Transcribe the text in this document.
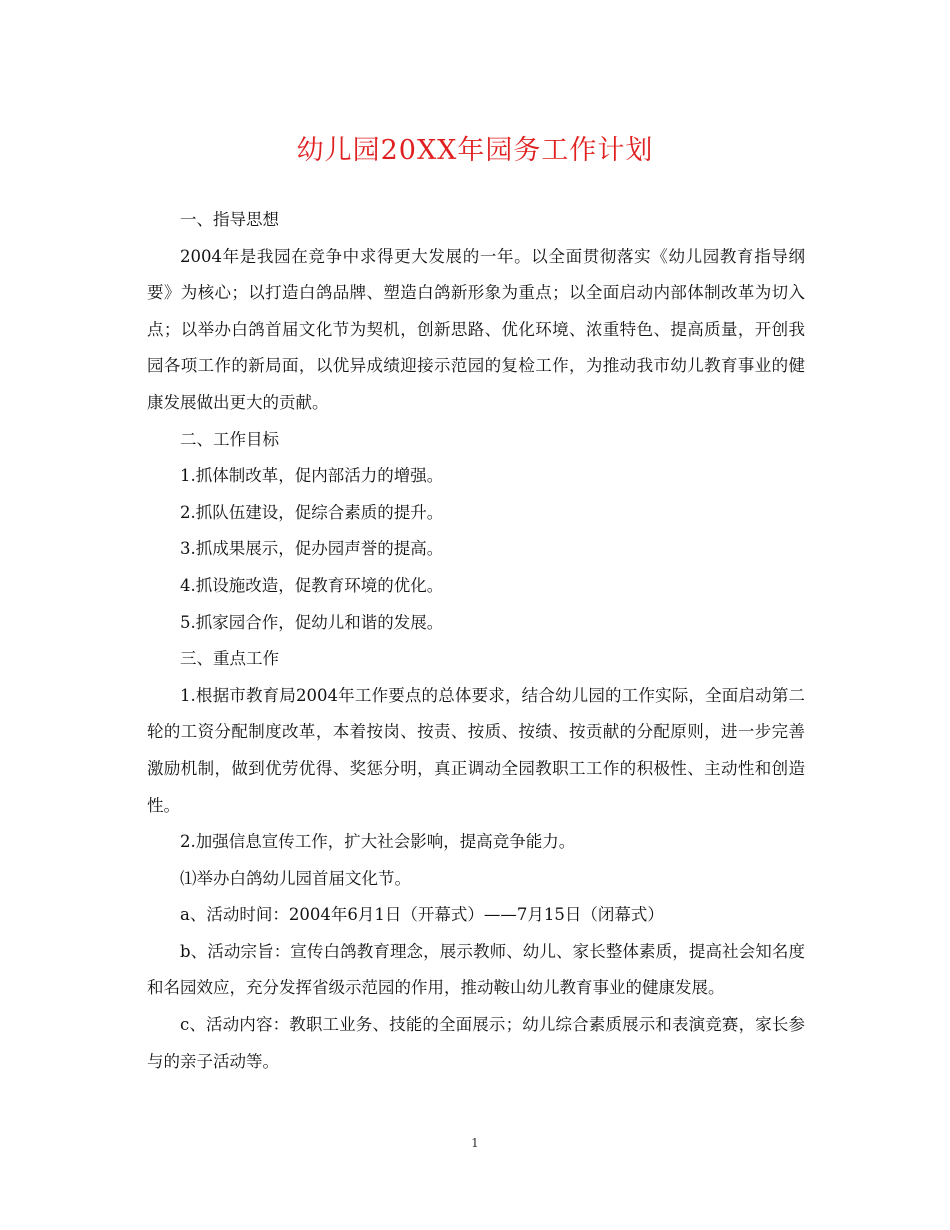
幼儿园20XX年园务工作计划

一、指导思想

2004年是我园在竞争中求得更大发展的一年。以全面贯彻落实《幼儿园教育指导纲要》为核心；以打造白鸽品牌、塑造白鸽新形象为重点；以全面启动内部体制改革为切入点；以举办白鸽首届文化节为契机，创新思路、优化环境、浓重特色、提高质量，开创我园各项工作的新局面，以优异成绩迎接示范园的复检工作，为推动我市幼儿教育事业的健康发展做出更大的贡献。

二、工作目标

1.抓体制改革，促内部活力的增强。

2.抓队伍建设，促综合素质的提升。

3.抓成果展示，促办园声誉的提高。

4.抓设施改造，促教育环境的优化。

5.抓家园合作，促幼儿和谐的发展。

三、重点工作

1.根据市教育局2004年工作要点的总体要求，结合幼儿园的工作实际，全面启动第二轮的工资分配制度改革，本着按岗、按责、按质、按绩、按贡献的分配原则，进一步完善激励机制，做到优劳优得、奖惩分明，真正调动全园教职工工作的积极性、主动性和创造性。

2.加强信息宣传工作，扩大社会影响，提高竞争能力。

⑴举办白鸽幼儿园首届文化节。

a、活动时间：2004年6月1日（开幕式）——7月15日（闭幕式）

b、活动宗旨：宣传白鸽教育理念，展示教师、幼儿、家长整体素质，提高社会知名度和名园效应，充分发挥省级示范园的作用，推动鞍山幼儿教育事业的健康发展。

c、活动内容：教职工业务、技能的全面展示；幼儿综合素质展示和表演竞赛，家长参与的亲子活动等。

1
